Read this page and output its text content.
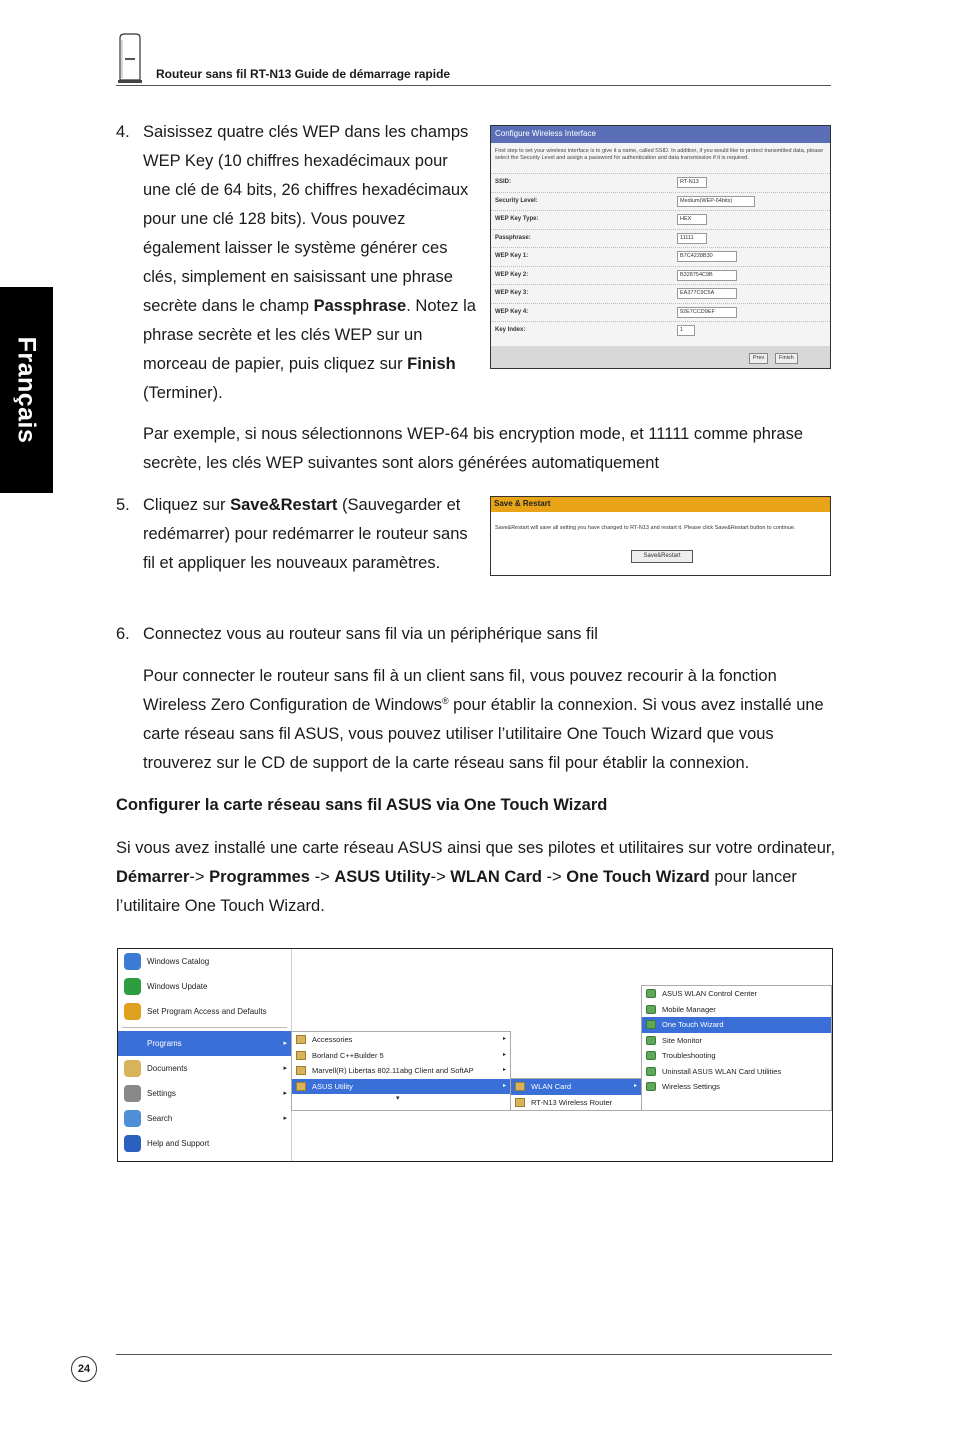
Routeur sans fil RT-N13 Guide de démarrage rapide
Français
4. Saisissez quatre clés WEP dans les champs WEP Key (10 chiffres hexadécimaux pour une clé de 64 bits, 26 chiffres hexadécimaux pour une clé 128 bits). Vous pouvez également laisser le système générer ces clés, simplement en saisissant une phrase secrète dans le champ Passphrase. Notez la phrase secrète et les clés WEP sur un morceau de papier, puis cliquez sur Finish (Terminer).
Configure Wireless Interface
First step to set your wireless interface is to give it a name, called SSID. In addition, if you would like to protect transmitted data, please select the Security Level and assign a password for authentication and data transmission if it is required.
SSID:	RT-N13
Security Level:	Medium(WEP-64bits)
WEP Key Type:	HEX
Passphrase:	11111
WEP Key 1:	B7C4228B30
WEP Key 2:	B328754C9B
WEP Key 3:	EA377C9C5A
WEP Key 4:	92E7CCD9EF
Key Index:	1
Prev	Finish
Par exemple, si nous sélectionnons WEP-64 bis encryption mode, et 11111 comme phrase secrète, les clés WEP suivantes sont alors générées automatiquement
5. Cliquez sur Save&Restart (Sauvegarder et redémarrer) pour redémarrer le routeur sans fil et appliquer les nouveaux paramètres.
Save & Restart
Save&Restart will save all setting you have changed to RT-N13 and restart it. Please click Save&Restart button to continue.
Save&Restart
6. Connectez vous au routeur sans fil via un périphérique sans fil
Pour connecter le routeur sans fil à un client sans fil, vous pouvez recourir à la fonction Wireless Zero Configuration de Windows® pour établir la connexion. Si vous avez installé une carte réseau sans fil ASUS, vous pouvez utiliser l’utilitaire One Touch Wizard que vous trouverez sur le CD de support de la carte réseau sans fil pour établir la connexion.
Configurer la carte réseau sans fil ASUS via One Touch Wizard
Si vous avez installé une carte réseau ASUS ainsi que ses pilotes et utilitaires sur votre ordinateur, Démarrer-> Programmes -> ASUS Utility-> WLAN Card -> One Touch Wizard pour lancer l’utilitaire One Touch Wizard.
Windows Catalog
Windows Update
Set Program Access and Defaults
Programs	▸
Documents	▸
Settings	▸
Search	▸
Help and Support
Accessories	▸
Borland C++Builder 5	▸
Marvell(R) Libertas 802.11abg Client and SoftAP	▸
ASUS Utility	▸
▾
WLAN Card	▸
RT-N13 Wireless Router
ASUS WLAN Control Center
Mobile Manager
One Touch Wizard
Site Monitor
Troubleshooting
Uninstall ASUS WLAN Card Utilities
Wireless Settings
24
